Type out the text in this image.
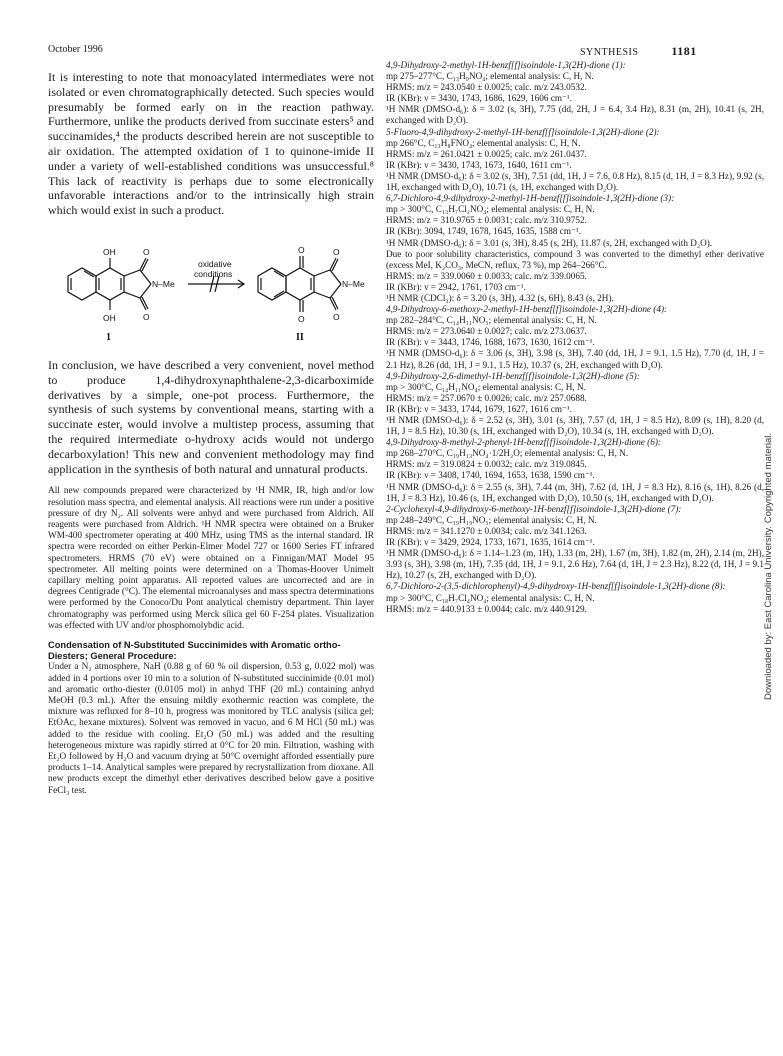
October 1996	SYNTHESIS	1181

It is interesting to note that monoacylated intermediates were not isolated or even chromatographically detected. Such species would presumably be formed early on in the reaction pathway. Furthermore, unlike the products derived from succinate esters⁵ and succinamides,⁴ the products described herein are not susceptible to air oxidation. The attempted oxidation of 1 to quinone-imide II under a variety of well-established conditions was unsuccessful.⁸ This lack of reactivity is perhaps due to some electronically unfavorable interactions and/or to the intrinsically high strain which would exist in such a product.

OH
OH
O
O
N–Me
oxidative
conditions
O
O
O
O
N–Me
1	II

In conclusion, we have described a very convenient, novel method to produce 1,4-dihydroxynaphthalene-2,3-dicarboximide derivatives by a simple, one-pot process. Furthermore, the synthesis of such systems by conventional means, starting with a succinate ester, would involve a multistep process, assuming that the required intermediate o-hydroxy acids would not undergo decarboxylation! This new and convenient methodology may find application in the synthesis of both natural and unnatural products.

All new compounds prepared were characterized by ¹H NMR, IR, high and/or low resolution mass spectra, and elemental analysis. All reactions were run under a positive pressure of dry N₂. All solvents were anhyd and were purchased from Aldrich. All reagents were purchased from Aldrich. ¹H NMR spectra were obtained on a Bruker WM-400 spectrometer operating at 400 MHz, using TMS as the internal standard. IR spectra were recorded on either Perkin-Elmer Model 727 or 1600 Series FT infrared spectrometers. HRMS (70 eV) were obtained on a Finnigan/MAT Model 95 spectrometer. All melting points were determined on a Thomas-Hoover Unimelt capillary melting point apparatus. All reported values are uncorrected and are in degrees Centigrade (°C). The elemental microanalyses and mass spectra determinations were performed by the Conoco/Du Pont analytical chemistry department. Thin layer chromatography was performed using Merck silica gel 60 F-254 plates. Visualization was effected with UV and/or phosphomolybdic acid.

Condensation of N-Substituted Succinimides with Aromatic ortho-Diesters; General Procedure:

Under a N₂ atmosphere, NaH (0.88 g of 60 % oil dispersion, 0.53 g, 0.022 mol) was added in 4 portions over 10 min to a solution of N-substituted succinimide (0.01 mol) and aromatic ortho-diester (0.0105 mol) in anhyd THF (20 mL) containing anhyd MeOH (0.3 mL). After the ensuing mildly exothermic reaction was complete, the mixture was refluxed for 8–10 h, progress was monitored by TLC analysis (silica gel; EtOAc, hexane mixtures). Solvent was removed in vacuo, and 6 M HCl (50 mL) was added to the residue with cooling. Et₂O (50 mL) was added and the resulting heterogeneous mixture was rapidly stirred at 0°C for 20 min. Filtration, washing with Et₂O followed by H₂O and vacuum drying at 50°C overnight afforded essentially pure products 1–14. Analytical samples were prepared by recrystallization from dioxane. All new products except the dimethyl ether derivatives described below gave a positive FeCl₃ test.

4,9-Dihydroxy-2-methyl-1H-benzf[f]isoindole-1,3(2H)-dione (1):

mp 275–277°C, C₁₃H₉NO₄; elemental analysis: C, H, N.

HRMS: m/z = 243.0540 ± 0.0025; calc. m/z 243.0532.

IR (KBr): ν = 3430, 1743, 1686, 1629, 1606 cm⁻¹.

¹H NMR (DMSO-d₆): δ = 3.02 (s, 3H), 7.75 (dd, 2H, J = 6.4, 3.4 Hz), 8.31 (m, 2H), 10.41 (s, 2H, exchanged with D₂O).

5-Fluoro-4,9-dihydroxy-2-methyl-1H-benzf[f]isoindole-1,3(2H)-dione (2):

mp 266°C, C₁₃H₈FNO₄; elemental analysis: C, H, N.

HRMS: m/z = 261.0421 ± 0.0025; calc. m/z 261.0437.

IR (KBr): ν = 3430, 1743, 1673, 1640, 1611 cm⁻¹.

¹H NMR (DMSO-d₆): δ = 3.02 (s, 3H), 7.51 (dd, 1H, J = 7.6, 0.8 Hz), 8.15 (d, 1H, J = 8.3 Hz), 9.92 (s, 1H, exchanged with D₂O), 10.71 (s, 1H, exchanged with D₂O).

6,7-Dichloro-4,9-dihydroxy-2-methyl-1H-benzf[f]isoindole-1,3(2H)-dione (3):

mp > 300°C, C₁₃H₇Cl₂NO₄; elemental analysis: C, H, N.

HRMS: m/z = 310.9765 ± 0.0031; calc. m/z 310.9752.

IR (KBr): 3094, 1749, 1678, 1645, 1635, 1588 cm⁻¹.

¹H NMR (DMSO-d₆): δ = 3.01 (s, 3H), 8.45 (s, 2H), 11.87 (s, 2H, exchanged with D₂O).

Due to poor solubility characteristics, compound 3 was converted to the dimethyl ether derivative (excess MeI, K₂CO₃, MeCN, reflux, 73 %), mp 264–266°C.

HRMS: m/z = 339.0060 ± 0.0033; calc. m/z 339.0065.

IR (KBr): ν = 2942, 1761, 1703 cm⁻¹.

¹H NMR (CDCl₃): δ = 3.20 (s, 3H), 4.32 (s, 6H), 8.43 (s, 2H).

4,9-Dihydroxy-6-methoxy-2-methyl-1H-benzf[f]isoindole-1,3(2H)-dione (4):

mp 282–284°C, C₁₄H₁₁NO₅; elemental analysis: C, H, N.

HRMS: m/z = 273.0640 ± 0.0027; calc. m/z 273.0637.

IR (KBr): ν = 3443, 1746, 1688, 1673, 1630, 1612 cm⁻¹.

¹H NMR (DMSO-d₆): δ = 3.06 (s, 3H), 3.98 (s, 3H), 7.40 (dd, 1H, J = 9.1, 1.5 Hz), 7.70 (d, 1H, J = 2.1 Hz), 8.26 (dd, 1H, J = 9.1, 1.5 Hz), 10.37 (s, 2H, exchanged with D₂O).

4,9-Dihydroxy-2,6-dimethyl-1H-benzf[f]isoindole-1,3(2H)-dione (5):

mp > 300°C, C₁₄H₁₁NO₄; elemental analysis: C, H, N.

HRMS: m/z = 257.0670 ± 0.0026; calc. m/z 257.0688.

IR (KBr): ν = 3433, 1744, 1679, 1627, 1616 cm⁻¹.

¹H NMR (DMSO-d₆): δ = 2.52 (s, 3H), 3.01 (s, 3H), 7.57 (d, 1H, J = 8.5 Hz), 8.09 (s, 1H), 8.20 (d, 1H, J = 8.5 Hz), 10.30 (s, 1H, exchanged with D₂O), 10.34 (s, 1H, exchanged with D₂O).

4,9-Dihydroxy-8-methyl-2-phenyl-1H-benzf[f]isoindole-1,3(2H)-dione (6):

mp 268–270°C, C₁₉H₁₃NO₄·1/2H₂O; elemental analysis: C, H, N.

HRMS: m/z = 319.0824 ± 0.0032; calc. m/z 319.0845.

IR (KBr): ν = 3408, 1740, 1694, 1653, 1638, 1590 cm⁻¹.

¹H NMR (DMSO-d₆): δ = 2.55 (s, 3H), 7.44 (m, 3H), 7.62 (d, 1H, J = 8.3 Hz), 8.16 (s, 1H), 8.26 (d, 1H, J = 8.3 Hz), 10.46 (s, 1H, exchanged with D₂O), 10.50 (s, 1H, exchanged with D₂O).

2-Cyclohexyl-4,9-dihydroxy-6-methoxy-1H-benzf[f]isoindole-1,3(2H)-dione (7):

mp 248–249°C, C₁₉H₁₉NO₅; elemental analysis: C, H, N.

HRMS: m/z = 341.1270 ± 0.0034; calc. m/z 341.1263.

IR (KBr): ν = 3429, 2924, 1733, 1671, 1635, 1614 cm⁻¹.

¹H NMR (DMSO-d₆): δ = 1.14–1.23 (m, 1H), 1.33 (m, 2H), 1.67 (m, 3H), 1.82 (m, 2H), 2.14 (m, 2H), 3.93 (s, 3H), 3.98 (m, 1H), 7.35 (dd, 1H, J = 9.1, 2.6 Hz), 7.64 (d, 1H, J = 2.3 Hz), 8.22 (d, 1H, J = 9.1 Hz), 10.27 (s, 2H, exchanged with D₂O).

6,7-Dichloro-2-(3,5-dichlorophenyl)-4,9-dihydroxy-1H-benzf[f]isoindole-1,3(2H)-dione (8):

mp > 300°C, C₁₈H₇Cl₄NO₄; elemental analysis: C, H, N.

HRMS: m/z = 440.9133 ± 0.0044; calc. m/z 440.9129.	Downloaded by: East Carolina University. Copyrighted material.
